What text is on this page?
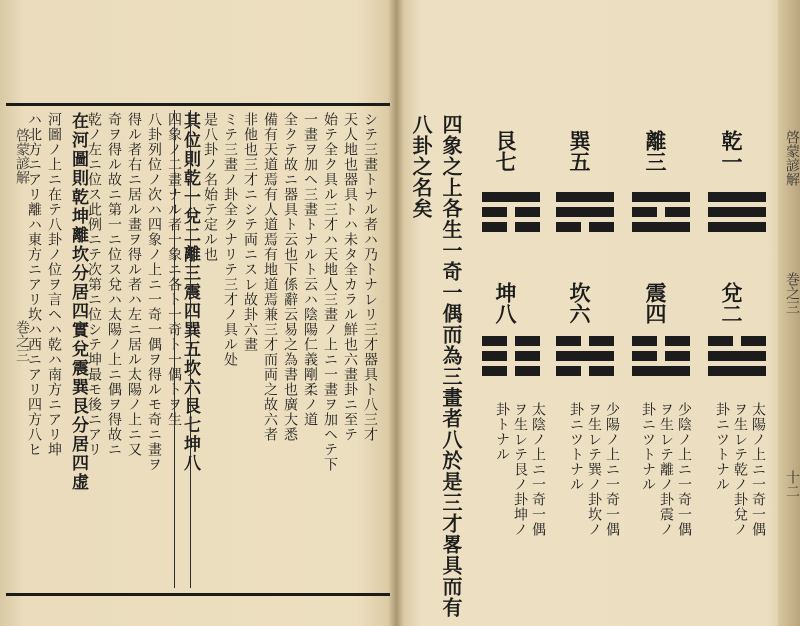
啓蒙諺解
巻之三	其位則乾一兌二離三震四巽五坎六艮七坤八 是八卦ノ名始テ定ル也 ミテ三畫ノ卦全クナリテ三才ノ具ル处 非他也三才ニシテ両ニスレ故卦六畫 備有天道焉有人道焉有地道焉兼三才而両之故六者 全クテ故ニ器具ト云也下係辭云易之為書也廣大悉 一畫ヲ加ヘ三畫トナルト云ハ陰陽仁義剛柔ノ道 始テ全ク具ル三才ハ天地人三畫ノ上ニ一畫ヲ加ヘテ下 天人地也器具トハ未タ全カラル鮮也六畫卦ニ至テ シテ三畫トナル者ハ乃トナレリ三才器具ト八三才
四象ノ二畫ナル者一象ニ各ト一奇ト一偶トヲ生
八卦列位ノ次ハ四象ノ上ニ一奇一偶ヲ得ルモ奇ニ畫ヲ
得ル者右ニ居ル畫ヲ得ル者ハ左ニ居ル太陽ノ上ニ又
奇ヲ得ル故ニ第一ニ位ス兌ハ太陽ノ上ニ偶ヲ得故ニ
乾ノ左ニ位ス此例ニテ次第ニ位シテ坤最モ後ニアリ
在河圖則乾坤離坎分居四實兌震巽艮分居四虚
河圖ノ上ニ在テ八卦ノ位ヲ言ヘハ乾ハ南方ニアリ坤
ハ北方ニアリ離ハ東方ニアリ坎ハ西ニアリ四方八ヒ	啓蒙諺解
巻之三
十二
乾一
離三
巽五
艮七
兌二
震四
坎六
坤八
太陽ノ上ニ一奇一偶
ヲ生レテ乾ノ卦兌ノ
卦ニツトナル
少陰ノ上ニ一奇一偶
ヲ生レテ離ノ卦震ノ
卦ニツトナル
少陽ノ上ニ一奇一偶
ヲ生レテ巽ノ卦坎ノ
卦ニツトナル
太陰ノ上ニ一奇一偶
ヲ生レテ艮ノ卦坤ノ
卦トナル
四象之上各生一奇一偶而為三畫者八於是三才畧具而有
八卦之名矣
